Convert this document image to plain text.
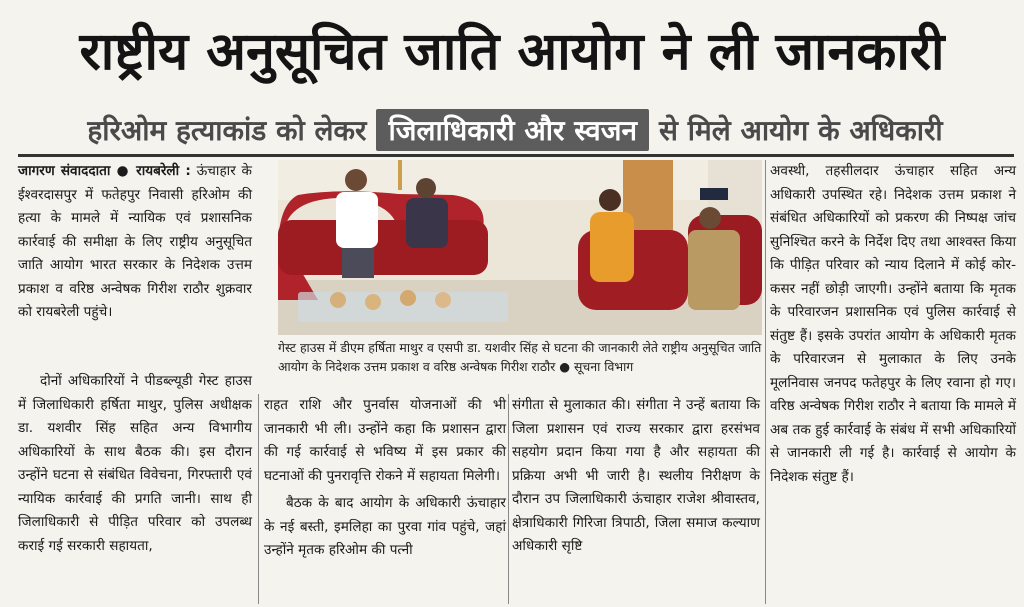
राष्ट्रीय अनुसूचित जाति आयोग ने ली जानकारी
हरिओम हत्याकांड को लेकर जिलाधिकारी और स्वजन से मिले आयोग के अधिकारी

जागरण संवाददाता ● रायबरेली : ऊंचाहार के ईश्वरदासपुर में फतेहपुर निवासी हरिओम की हत्या के मामले में न्यायिक एवं प्रशासनिक कार्रवाई की समीक्षा के लिए राष्ट्रीय अनुसूचित जाति आयोग भारत सरकार के निदेशक उत्तम प्रकाश व वरिष्ठ अन्वेषक गिरीश राठौर शुक्रवार को रायबरेली पहुंचे।

दोनों अधिकारियों ने पीडब्ल्यूडी गेस्ट हाउस में जिलाधिकारी हर्षिता माथुर, पुलिस अधीक्षक डा. यशवीर सिंह सहित अन्य विभागीय अधिकारियों के साथ बैठक की। इस दौरान उन्होंने घटना से संबंधित विवेचना, गिरफ्तारी एवं न्यायिक कार्रवाई की प्रगति जानी। साथ ही जिलाधिकारी से पीड़ित परिवार को उपलब्ध कराई गई सरकारी सहायता,

गेस्ट हाउस में डीएम हर्षिता माथुर व एसपी डा. यशवीर सिंह से घटना की जानकारी लेते राष्ट्रीय अनुसूचित जाति आयोग के निदेशक उत्तम प्रकाश व वरिष्ठ अन्वेषक गिरीश राठौर ● सूचना विभाग

राहत राशि और पुनर्वास योजनाओं की भी जानकारी भी ली। उन्होंने कहा कि प्रशासन द्वारा की गई कार्रवाई से भविष्य में इस प्रकार की घटनाओं की पुनरावृत्ति रोकने में सहायता मिलेगी।

बैठक के बाद आयोग के अधिकारी ऊंचाहार के नई बस्ती, इमलिहा का पुरवा गांव पहुंचे, जहां उन्होंने मृतक हरिओम की पत्नी

संगीता से मुलाकात की। संगीता ने उन्हें बताया कि जिला प्रशासन एवं राज्य सरकार द्वारा हरसंभव सहयोग प्रदान किया गया है और सहायता की प्रक्रिया अभी भी जारी है। स्थलीय निरीक्षण के दौरान उप जिलाधिकारी ऊंचाहार राजेश श्रीवास्तव, क्षेत्राधिकारी गिरिजा त्रिपाठी, जिला समाज कल्याण अधिकारी सृष्टि

अवस्थी, तहसीलदार ऊंचाहार सहित अन्य अधिकारी उपस्थित रहे। निदेशक उत्तम प्रकाश ने संबंधित अधिकारियों को प्रकरण की निष्पक्ष जांच सुनिश्चित करने के निर्देश दिए तथा आश्वस्त किया कि पीड़ित परिवार को न्याय दिलाने में कोई कोर-कसर नहीं छोड़ी जाएगी। उन्होंने बताया कि मृतक के परिवारजन प्रशासनिक एवं पुलिस कार्रवाई से संतुष्ट हैं। इसके उपरांत आयोग के अधिकारी मृतक के परिवारजन से मुलाकात के लिए उनके मूलनिवास जनपद फतेहपुर के लिए रवाना हो गए। वरिष्ठ अन्वेषक गिरीश राठौर ने बताया कि मामले में अब तक हुई कार्रवाई के संबंध में सभी अधिकारियों से जानकारी ली गई है। कार्रवाई से आयोग के निदेशक संतुष्ट हैं।
